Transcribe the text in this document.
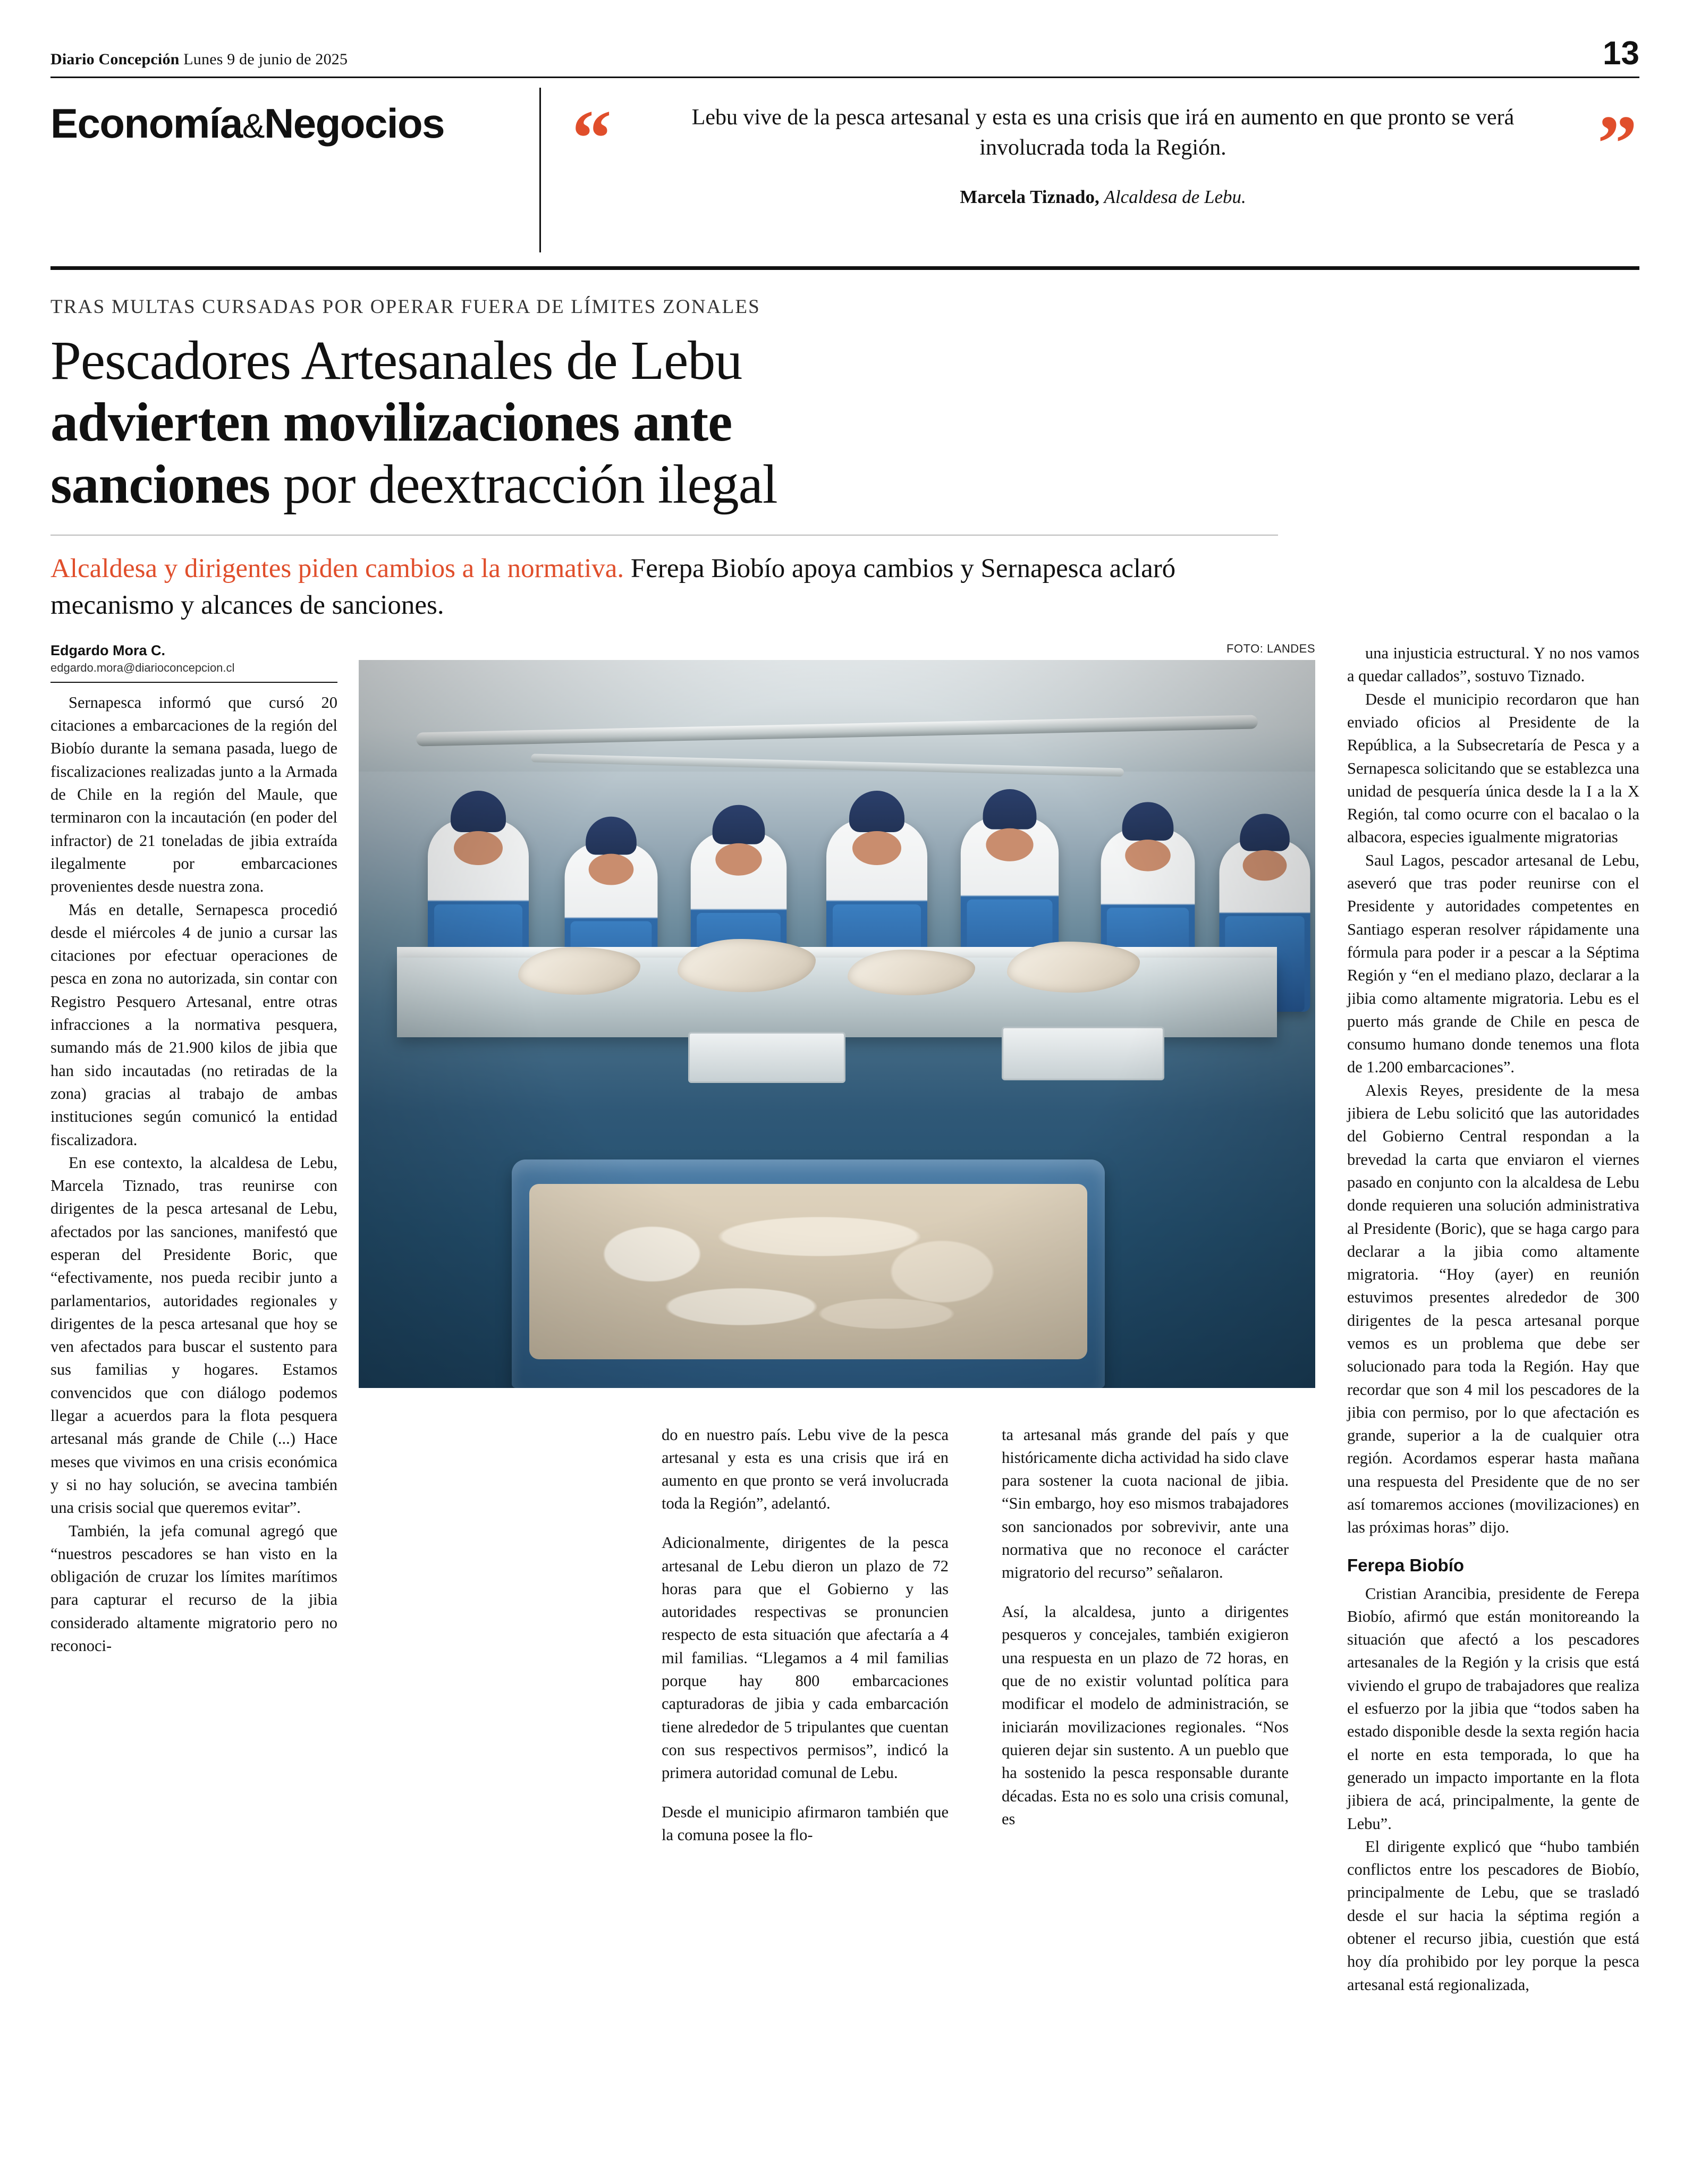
Diario Concepción Lunes 9 de junio de 2025	13
Economía&Negocios	“	”
Lebu vive de la pesca artesanal y esta es una crisis que irá en aumento en que pronto se verá involucrada toda la Región.
Marcela Tiznado, Alcaldesa de Lebu.
TRAS MULTAS CURSADAS POR OPERAR FUERA DE LÍMITES ZONALES
Pescadores Artesanales de Lebu
advierten movilizaciones ante
sanciones por deextracción ilegal
Alcaldesa y dirigentes piden cambios a la normativa. Ferepa Biobío apoya cambios y Sernapesca aclaró mecanismo y alcances de sanciones.
FOTO: LANDES
Edgardo Mora C.
edgardo.mora@diarioconcepcion.cl

Sernapesca informó que cursó 20 citaciones a embarcaciones de la región del Biobío durante la semana pasada, luego de fiscalizaciones realizadas junto a la Armada de Chile en la región del Maule, que terminaron con la incautación (en poder del infractor) de 21 toneladas de jibia extraída ilegalmente por embarcaciones provenientes desde nuestra zona.

Más en detalle, Sernapesca procedió desde el miércoles 4 de junio a cursar las citaciones por efectuar operaciones de pesca en zona no autorizada, sin contar con Registro Pesquero Artesanal, entre otras infracciones a la normativa pesquera, sumando más de 21.900 kilos de jibia que han sido incautadas (no retiradas de la zona) gracias al trabajo de ambas instituciones según comunicó la entidad fiscalizadora.

En ese contexto, la alcaldesa de Lebu, Marcela Tiznado, tras reunirse con dirigentes de la pesca artesanal de Lebu, afectados por las sanciones, manifestó que esperan del Presidente Boric, que “efectivamente, nos pueda recibir junto a parlamentarios, autoridades regionales y dirigentes de la pesca artesanal que hoy se ven afectados para buscar el sustento para sus familias y hogares. Estamos convencidos que con diálogo podemos llegar a acuerdos para la flota pesquera artesanal más grande de Chile (...) Hace meses que vivimos en una crisis económica y si no hay solución, se avecina también una crisis social que queremos evitar”.

También, la jefa comunal agregó que “nuestros pescadores se han visto en la obligación de cruzar los límites marítimos para capturar el recurso de la jibia considerado altamente migratorio pero no reconoci-

una injusticia estructural. Y no nos vamos a quedar callados”, sostuvo Tiznado.

Desde el municipio recordaron que han enviado oficios al Presidente de la República, a la Subsecretaría de Pesca y a Sernapesca solicitando que se establezca una unidad de pesquería única desde la I a la X Región, tal como ocurre con el bacalao o la albacora, especies igualmente migratorias

Saul Lagos, pescador artesanal de Lebu, aseveró que tras poder reunirse con el Presidente y autoridades competentes en Santiago esperan resolver rápidamente una fórmula para poder ir a pescar a la Séptima Región y “en el mediano plazo, declarar a la jibia como altamente migratoria. Lebu es el puerto más grande de Chile en pesca de consumo humano donde tenemos una flota de 1.200 embarcaciones”.

Alexis Reyes, presidente de la mesa jibiera de Lebu solicitó que las autoridades del Gobierno Central respondan a la brevedad la carta que enviaron el viernes pasado en conjunto con la alcaldesa de Lebu donde requieren una solución administrativa al Presidente (Boric), que se haga cargo para declarar a la jibia como altamente migratoria. “Hoy (ayer) en reunión estuvimos presentes alrededor de 300 dirigentes de la pesca artesanal porque vemos es un problema que debe ser solucionado para toda la Región. Hay que recordar que son 4 mil los pescadores de la jibia con permiso, por lo que afectación es grande, superior a la de cualquier otra región. Acordamos esperar hasta mañana una respuesta del Presidente que de no ser así tomaremos acciones (movilizaciones) en las próximas horas” dijo.

Ferepa Biobío

Cristian Arancibia, presidente de Ferepa Biobío, afirmó que están monitoreando la situación que afectó a los pescadores artesanales de la Región y la crisis que está viviendo el grupo de trabajadores que realiza el esfuerzo por la jibia que “todos saben ha estado disponible desde la sexta región hacia el norte en esta temporada, lo que ha generado un impacto importante en la flota jibiera de acá, principalmente, la gente de Lebu”.

El dirigente explicó que “hubo también conflictos entre los pescadores de Biobío, principalmente de Lebu, que se trasladó desde el sur hacia la séptima región a obtener el recurso jibia, cuestión que está hoy día prohibido por ley porque la pesca artesanal está regionalizada,

do en nuestro país. Lebu vive de la pesca artesanal y esta es una crisis que irá en aumento en que pronto se verá involucrada toda la Región”, adelantó.

Adicionalmente, dirigentes de la pesca artesanal de Lebu dieron un plazo de 72 horas para que el Gobierno y las autoridades respectivas se pronuncien respecto de esta situación que afectaría a 4 mil familias. “Llegamos a 4 mil familias porque hay 800 embarcaciones capturadoras de jibia y cada embarcación tiene alrededor de 5 tripulantes que cuentan con sus respectivos permisos”, indicó la primera autoridad comunal de Lebu.

Desde el municipio afirmaron también que la comuna posee la flo-

ta artesanal más grande del país y que históricamente dicha actividad ha sido clave para sostener la cuota nacional de jibia. “Sin embargo, hoy eso mismos trabajadores son sancionados por sobrevivir, ante una normativa que no reconoce el carácter migratorio del recurso” señalaron.

Así, la alcaldesa, junto a dirigentes pesqueros y concejales, también exigieron una respuesta en un plazo de 72 horas, en que de no existir voluntad política para modificar el modelo de administración, se iniciarán movilizaciones regionales. “Nos quieren dejar sin sustento. A un pueblo que ha sostenido la pesca responsable durante décadas. Esta no es solo una crisis comunal, es
